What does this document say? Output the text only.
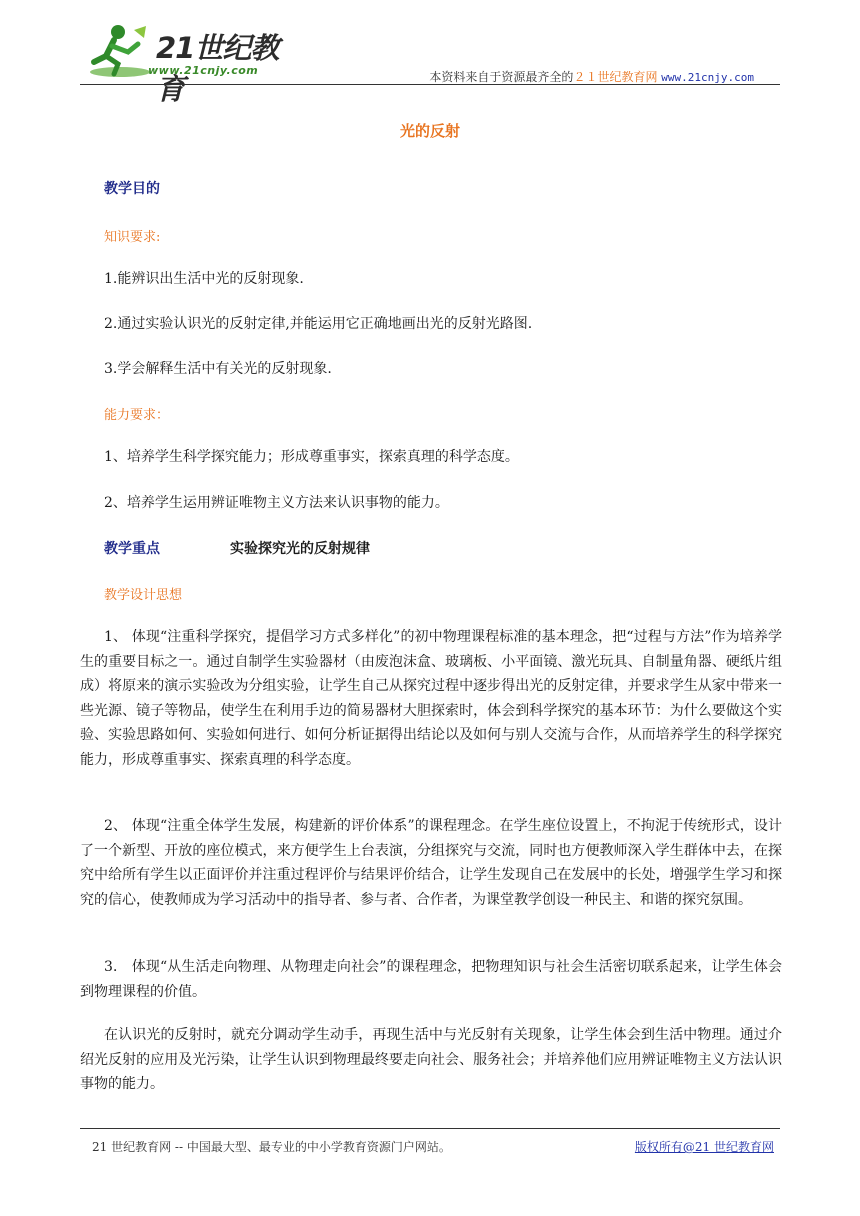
21世纪教育
www.21cnjy.com	本资料来自于资源最齐全的２１世纪教育网 www.21cnjy.com
光的反射
教学目的
知识要求:
1.能辨识出生活中光的反射现象.
2.通过实验认识光的反射定律,并能运用它正确地画出光的反射光路图.
3.学会解释生活中有关光的反射现象.
能力要求：
1、培养学生科学探究能力；形成尊重事实，探索真理的科学态度。
2、培养学生运用辨证唯物主义方法来认识事物的能力。
教学重点	实验探究光的反射规律
教学设计思想
1、 体现“注重科学探究，提倡学习方式多样化”的初中物理课程标准的基本理念，把“过程与方法”作为培养学生的重要目标之一。通过自制学生实验器材（由废泡沫盒、玻璃板、小平面镜、激光玩具、自制量角器、硬纸片组成）将原来的演示实验改为分组实验，让学生自己从探究过程中逐步得出光的反射定律，并要求学生从家中带来一些光源、镜子等物品，使学生在利用手边的简易器材大胆探索时，体会到科学探究的基本环节：为什么要做这个实验、实验思路如何、实验如何进行、如何分析证据得出结论以及如何与别人交流与合作，从而培养学生的科学探究能力，形成尊重事实、探索真理的科学态度。
2、 体现“注重全体学生发展，构建新的评价体系”的课程理念。在学生座位设置上，不拘泥于传统形式，设计了一个新型、开放的座位模式，来方便学生上台表演，分组探究与交流，同时也方便教师深入学生群体中去，在探究中给所有学生以正面评价并注重过程评价与结果评价结合，让学生发现自己在发展中的长处，增强学生学习和探究的信心，使教师成为学习活动中的指导者、参与者、合作者，为课堂教学创设一种民主、和谐的探究氛围。
3． 体现“从生活走向物理、从物理走向社会”的课程理念，把物理知识与社会生活密切联系起来，让学生体会到物理课程的价值。
在认识光的反射时，就充分调动学生动手，再现生活中与光反射有关现象，让学生体会到生活中物理。通过介绍光反射的应用及光污染，让学生认识到物理最终要走向社会、服务社会；并培养他们应用辨证唯物主义方法认识事物的能力。
21 世纪教育网 -- 中国最大型、最专业的中小学教育资源门户网站。	版权所有@21 世纪教育网
